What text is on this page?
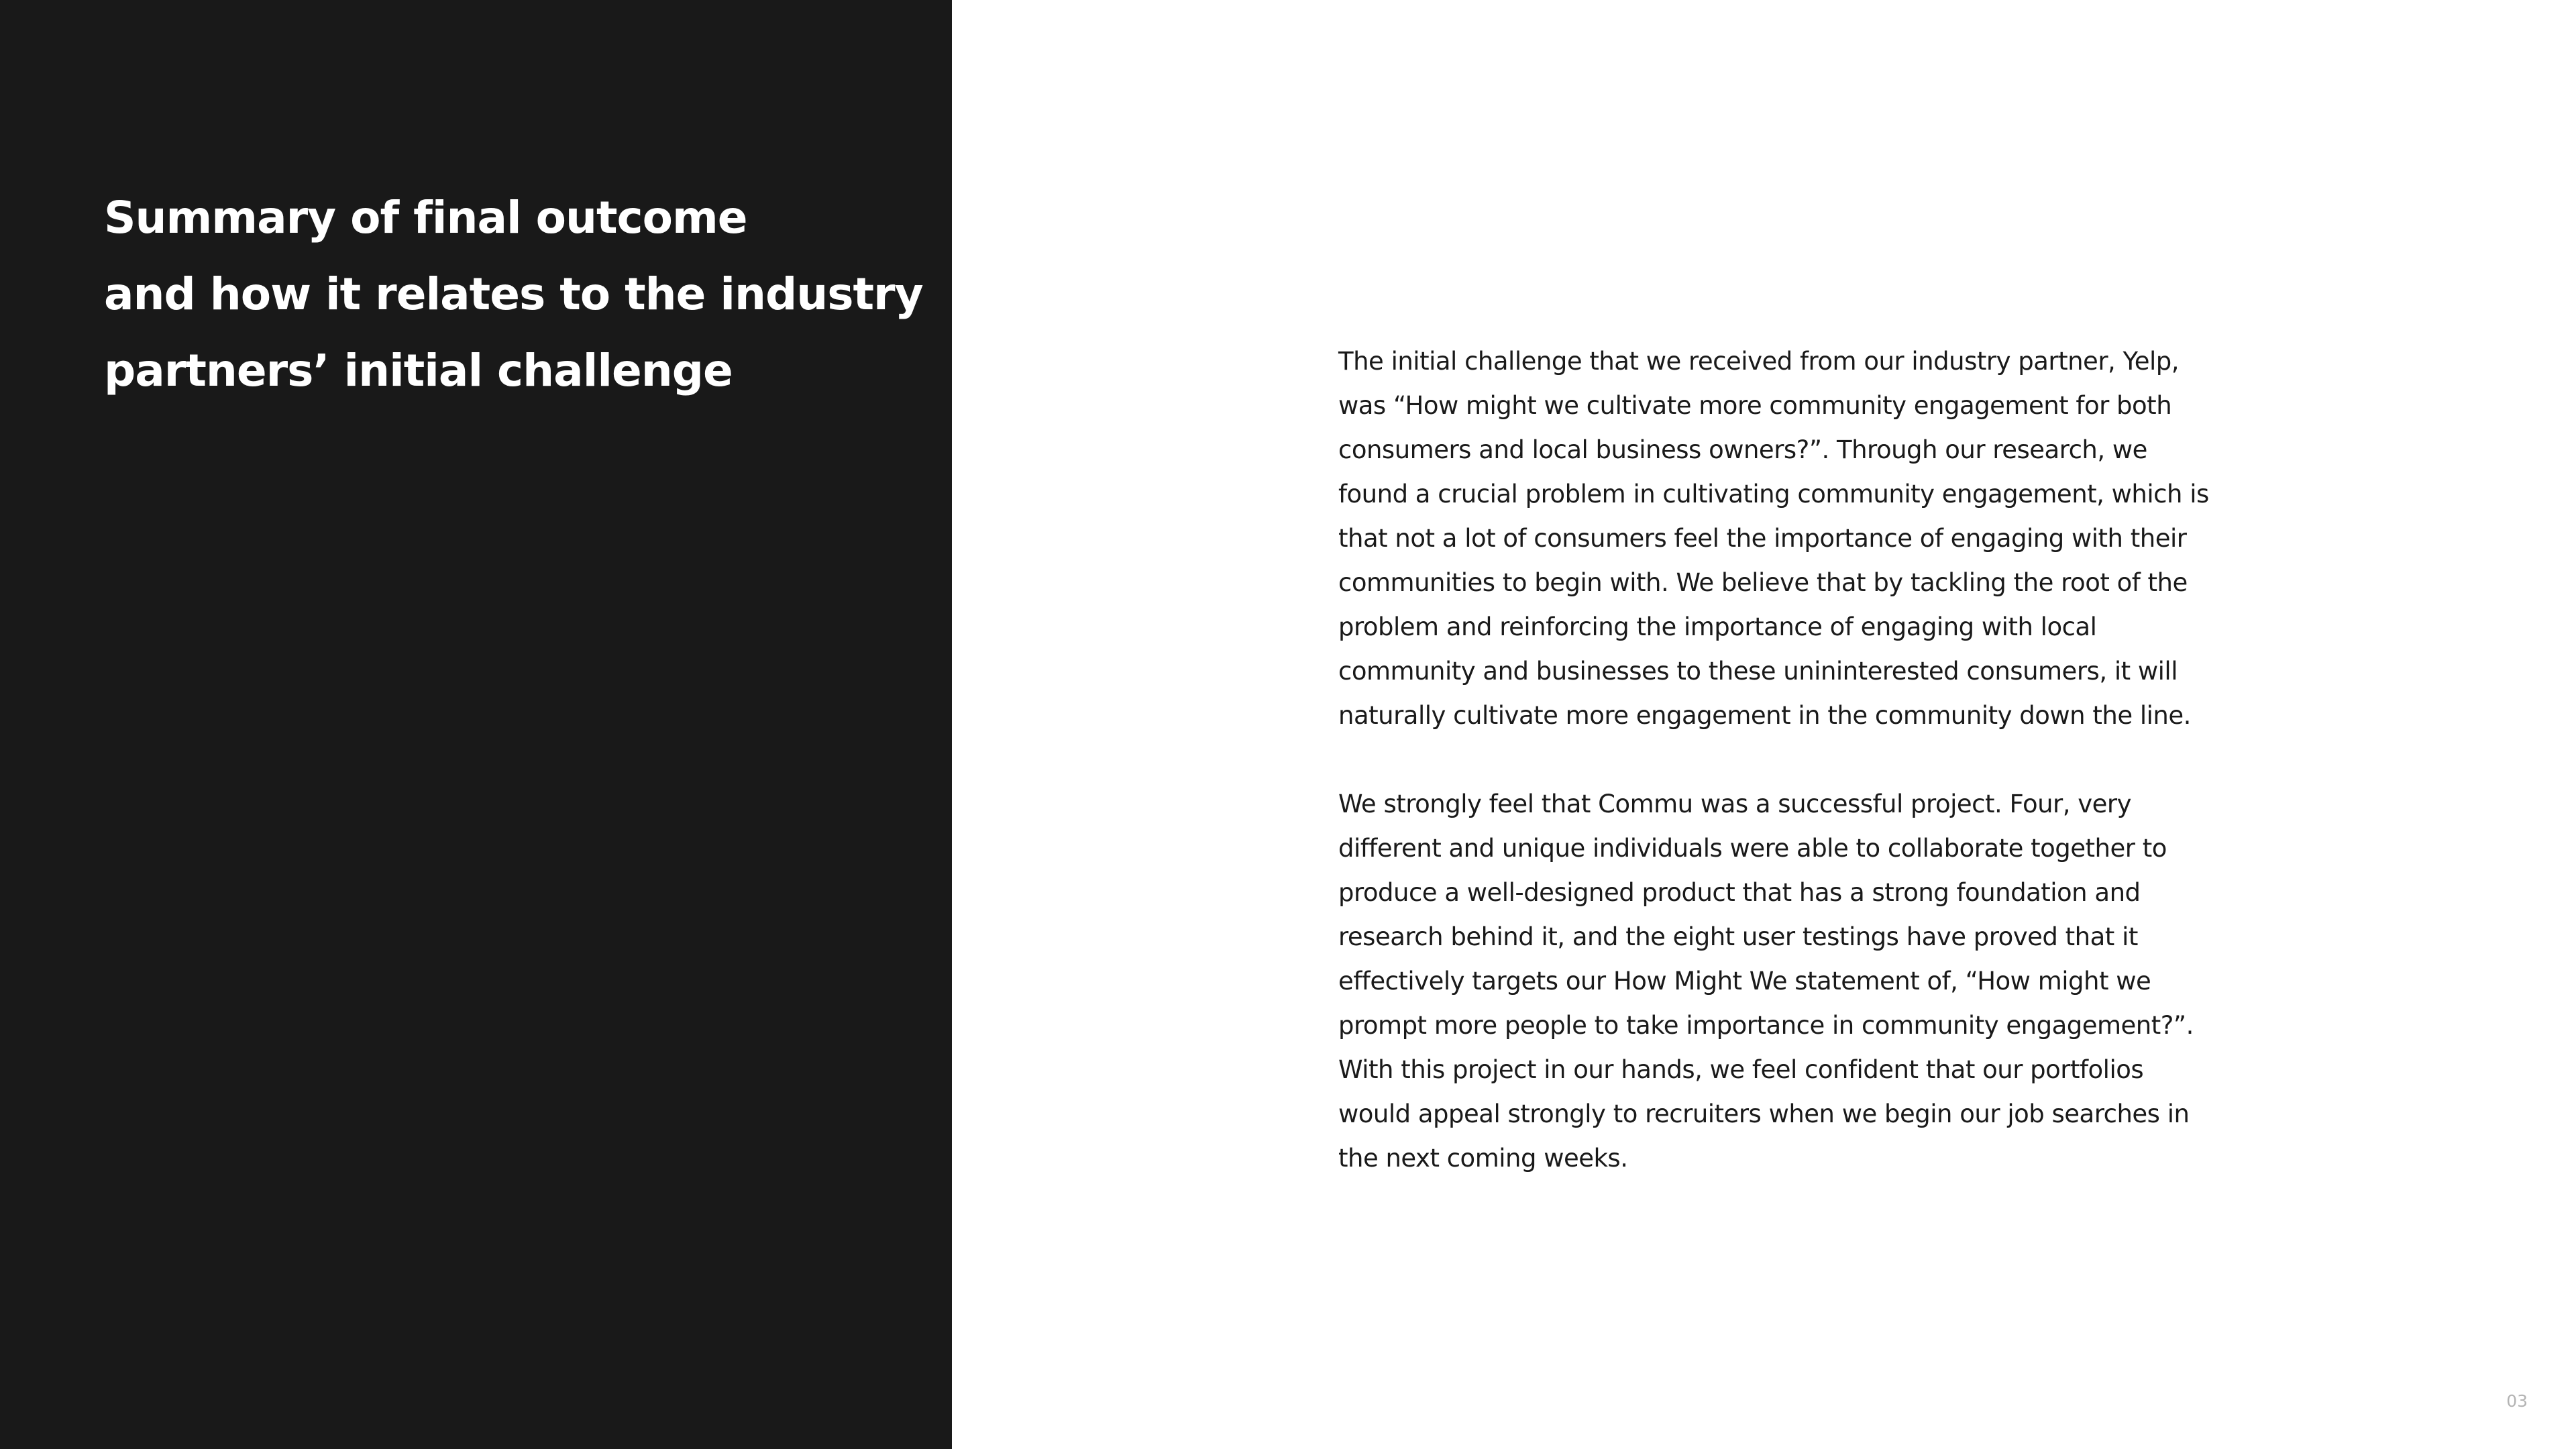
Summary of final outcome
and how it relates to the industry
partners’ initial challenge	The initial challenge that we received from our industry partner, Yelp, was “How might we cultivate more community engagement for both consumers and local business owners?”. Through our research, we found a crucial problem in cultivating community engagement, which is that not a lot of consumers feel the importance of engaging with their communities to begin with. We believe that by tackling the root of the problem and reinforcing the importance of engaging with local community and businesses to these unininterested consumers, it will naturally cultivate more engagement in the community down the line.

We strongly feel that Commu was a successful project. Four, very different and unique individuals were able to collaborate together to produce a well-designed product that has a strong foundation and research behind it, and the eight user testings have proved that it effectively targets our How Might We statement of, “How might we prompt more people to take importance in community engagement?”. With this project in our hands, we feel confident that our portfolios would appeal strongly to recruiters when we begin our job searches in the next coming weeks.

03
